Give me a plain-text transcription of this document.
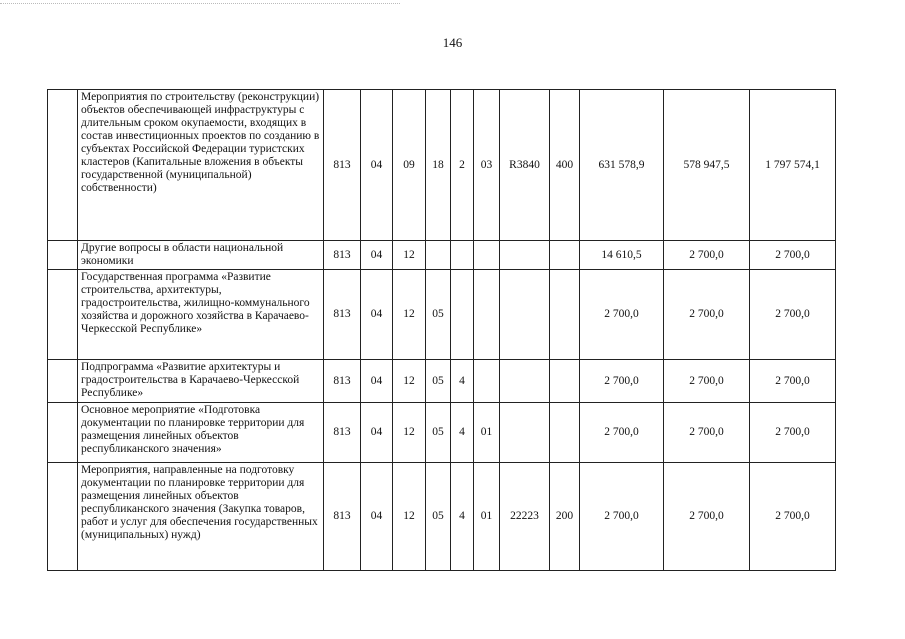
146
	Мероприятия по строительству (реконструкции) объектов обеспечивающей инфраструктуры с длительным сроком окупаемости, входящих в состав инвестиционных проектов по созданию в субъектах Российской Федерации туристских кластеров (Капитальные вложения в объекты государственной (муниципальной) собственности)	813	04	09	18	2	03	R3840	400	631 578,9	578 947,5	1 797 574,1
	Другие вопросы в области национальной экономики	813	04	12						14 610,5	2 700,0	2 700,0
	Государственная программа «Развитие строительства, архитектуры, градостроительства, жилищно-коммунального хозяйства и дорожного хозяйства в Карачаево-Черкесской Республике»	813	04	12	05					2 700,0	2 700,0	2 700,0
	Подпрограмма «Развитие архитектуры и градостроительства в Карачаево-Черкесской Республике»	813	04	12	05	4				2 700,0	2 700,0	2 700,0
	Основное мероприятие «Подготовка документации по планировке территории для размещения линейных объектов республиканского значения»	813	04	12	05	4	01			2 700,0	2 700,0	2 700,0
	Мероприятия, направленные на подготовку документации по планировке территории для размещения линейных объектов республиканского значения (Закупка товаров, работ и услуг для обеспечения государственных (муниципальных) нужд)	813	04	12	05	4	01	22223	200	2 700,0	2 700,0	2 700,0
